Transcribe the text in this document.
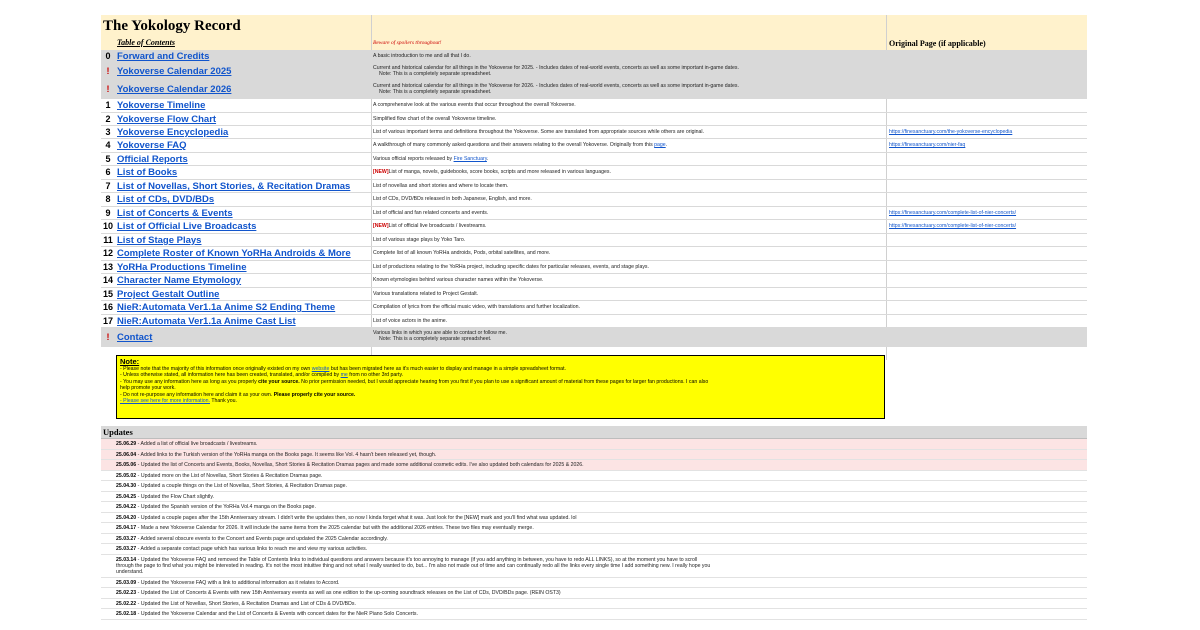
The Yokology Record
Table of Contents	Beware of spoilers throughout!	Original Page (if applicable)
0 Forward and Credits	A basic introduction to me and all that I do.
! Yokoverse Calendar 2025	Current and historical calendar for all things in the Yokoverse for 2025. - Includes dates of real-world events, concerts as well as some important in-game dates.
Note: This is a completely separate spreadsheet.
! Yokoverse Calendar 2026	Current and historical calendar for all things in the Yokoverse for 2026. - Includes dates of real-world events, concerts as well as some important in-game dates.
Note: This is a completely separate spreadsheet.
1 Yokoverse Timeline	A comprehensive look at the various events that occur throughout the overall Yokoverse.
2 Yokoverse Flow Chart	Simplified flow chart of the overall Yokoverse timeline.
3 Yokoverse Encyclopedia	List of various important terms and definitions throughout the Yokoverse. Some are translated from appropriate sources while others are original.	https://finesanctuary.com/the-yokoverse-encyclopedia
4 Yokoverse FAQ	A walkthrough of many commonly asked questions and their answers relating to the overall Yokoverse. Originally from this page.	https://finesanctuary.com/nier-faq
5 Official Reports	Various official reports released by Fire Sanctuary.
6 List of Books	[NEW]List of manga, novels, guidebooks, score books, scripts and more released in various languages.
7 List of Novellas, Short Stories, & Recitation Dramas	List of novellas and short stories and where to locate them.
8 List of CDs, DVD/BDs	List of CDs, DVD/BDs released in both Japanese, English, and more.
9 List of Concerts & Events	List of official and fan related concerts and events.	https://finesanctuary.com/complete-list-of-nier-concerts/
10 List of Official Live Broadcasts	[NEW]List of official live broadcasts / livestreams.	https://finesanctuary.com/complete-list-of-nier-concerts/
11 List of Stage Plays	List of various stage plays by Yoko Taro.
12 Complete Roster of Known YoRHa Androids & More	Complete list of all known YoRHa androids, Pods, orbital satellites, and more.
13 YoRHa Productions Timeline	List of productions relating to the YoRHa project, including specific dates for particular releases, events, and stage plays.
14 Character Name Etymology	Known etymologies behind various character names within the Yokoverse.
15 Project Gestalt Outline	Various translations related to Project Gestalt.
16 NieR:Automata Ver1.1a Anime S2 Ending Theme	Compilation of lyrics from the official music video, with translations and further localization.
17 NieR:Automata Ver1.1a Anime Cast List	List of voice actors in the anime.
! Contact	Various links in which you are able to contact or follow me.
Note: This is a completely separate spreadsheet.
Note:
- Please note that the majority of this information once originally existed on my own website but has been migrated here as it's much easier to display and manage in a simple spreadsheet format.
- Unless otherwise stated, all information here has been created, translated, and/or compiled by me from no other 3rd party.
- You may use any information here as long as you properly cite your source. No prior permission needed, but I would appreciate hearing from you first if you plan to use a significant amount of material from these pages for larger fan productions. I can also
help promote your work.
- Do not re-purpose any information here and claim it as your own. Please properly cite your source.
- Please see here for more information. Thank you.
Updates
25.06.29 - Added a list of official live broadcasts / livestreams.
25.06.04 - Added links to the Turkish version of the YoRHa manga on the Books page. It seems like Vol. 4 hasn't been released yet, though.
25.05.06 - Updated the list of Concerts and Events, Books, Novellas, Short Stories & Recitation Dramas pages and made some additional cosmetic edits. I've also updated both calendars for 2025 & 2026.
25.05.02 - Updated more on the List of Novellas, Short Stories & Recitation Dramas page.
25.04.30 - Updated a couple things on the List of Novellas, Short Stories, & Recitation Dramas page.
25.04.25 - Updated the Flow Chart slightly.
25.04.22 - Updated the Spanish version of the YoRHa Vol.4 manga on the Books page.
25.04.20 - Updated a couple pages after the 15th Anniversary stream. I didn't write the updates then, so now I kinda forget what it was. Just look for the [NEW] mark and you'll find what was updated. lol
25.04.17 - Made a new Yokoverse Calendar for 2026. It will include the same items from the 2025 calendar but with the additional 2026 entries. These two files may eventually merge.
25.03.27 - Added several obscure events to the Concert and Events page and updated the 2025 Calendar accordingly.
25.03.27 - Added a separate contact page which has various links to reach me and view my various activities.
25.03.14 - Updated the Yokoverse FAQ and removed the Table of Contents links to individual questions and answers because it's too annoying to manage (if you add anything in between, you have to redo ALL LINKS), so at the moment you have to scroll
through the page to find what you might be interested in reading. It's not the most intuitive thing and not what I really wanted to do, but... I'm also not made out of time and can continually redo all the links every single time I add something new. I really hope you
understand.
25.03.09 - Updated the Yokoverse FAQ with a link to additional information as it relates to Accord.
25.02.23 - Updated the List of Concerts & Events with new 15th Anniversary events as well as one edition to the up-coming soundtrack releases on the List of CDs, DVD/BDs page. (REIN OST3)
25.02.22 - Updated the List of Novellas, Short Stories, & Recitation Dramas and List of CDs & DVD/BDs.
25.02.18 - Updated the Yokoverse Calendar and the List of Concerts & Events with concert dates for the NieR Piano Solo Concerts.
